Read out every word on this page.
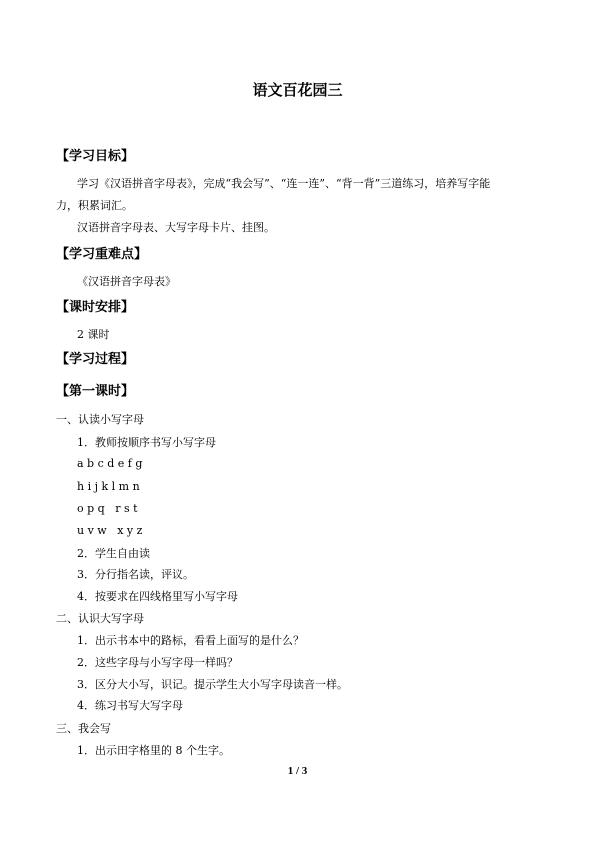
语文百花园三
【学习目标】
学习《汉语拼音字母表》，完成“我会写”、“连一连”、“背一背”三道练习，培养写字能
力，积累词汇。
汉语拼音字母表、大写字母卡片、挂图。
【学习重难点】
《汉语拼音字母表》
【课时安排】
2 课时
【学习过程】
【第一课时】
一、认读小写字母
1．教师按顺序书写小写字母
a b c d e f g
h i j k l m n
o p q   r s t
u v w   x y z
2．学生自由读
3．分行指名读，评议。
4．按要求在四线格里写小写字母
二、认识大写字母
1．出示书本中的路标，看看上面写的是什么？
2．这些字母与小写字母一样吗？
3．区分大小写，识记。提示学生大小写字母读音一样。
4．练习书写大写字母
三、我会写
1．出示田字格里的 8 个生字。
1 / 3
